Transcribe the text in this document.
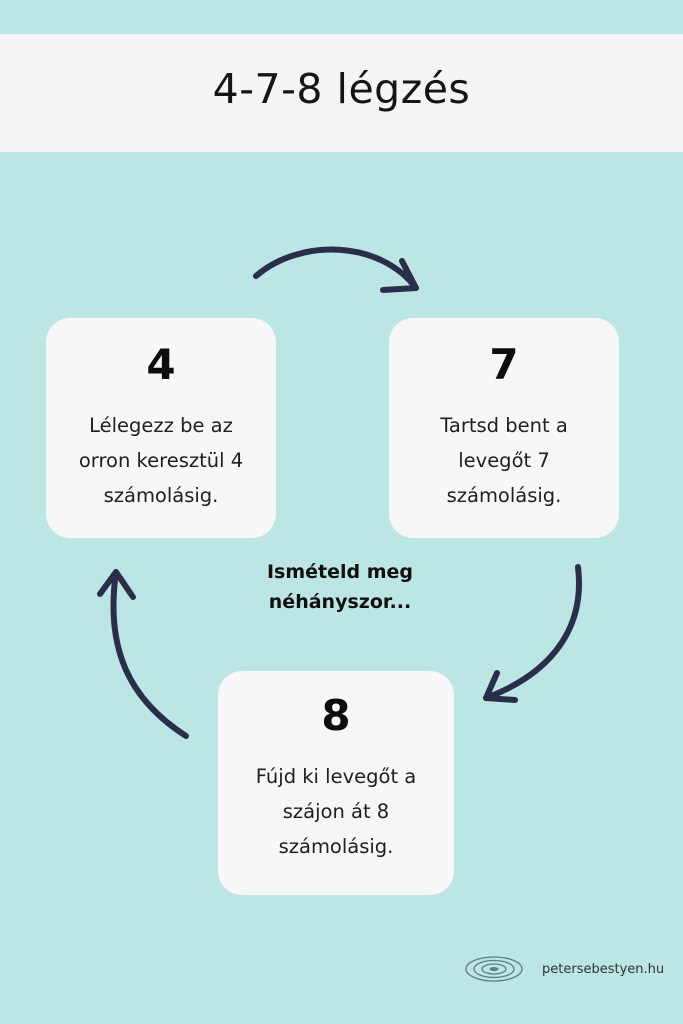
4-7-8 légzés
4
Lélegezz be az
orron keresztül 4
számolásig.
7
Tartsd bent a
levegőt 7
számolásig.
8
Fújd ki levegőt a
szájon át 8
számolásig.
Ismételd meg
néhányszor...
petersebestyen.hu
